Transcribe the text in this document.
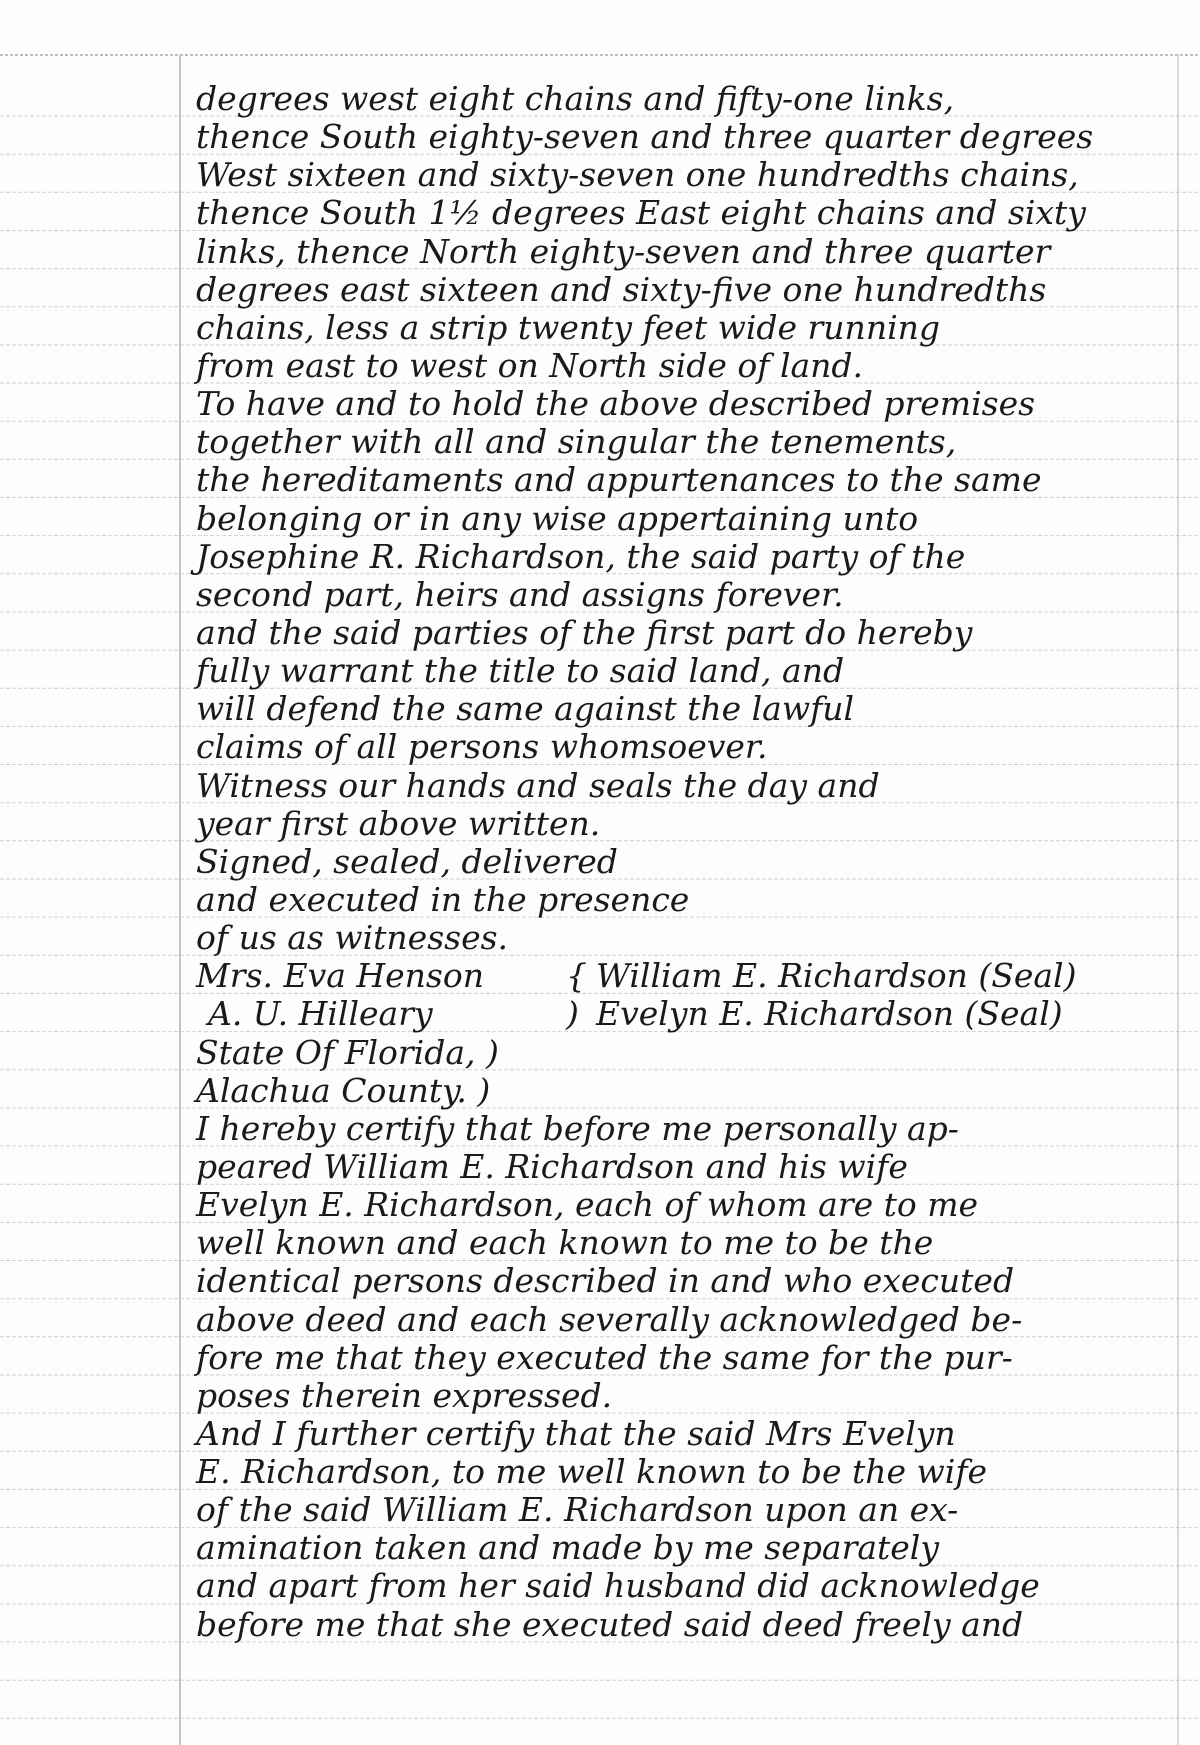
degrees west eight chains and fifty-one links,
thence South eighty-seven and three quarter degrees
West sixteen and sixty-seven one hundredths chains,
thence South 1½ degrees East eight chains and sixty
links, thence North eighty-seven and three quarter
degrees east sixteen and sixty-five one hundredths
chains, less a strip twenty feet wide running
from east to west on North side of land.
To have and to hold the above described premises
together with all and singular the tenements,
the hereditaments and appurtenances to the same
belonging or in any wise appertaining unto
Josephine R. Richardson, the said party of the
second part, heirs and assigns forever.
and the said parties of the first part do hereby
fully warrant the title to said land, and
will defend the same against the lawful
claims of all persons whomsoever.
Witness our hands and seals the day and
year first above written.
Signed, sealed, delivered
and executed in the presence
of us as witnesses.
Mrs. Eva Henson { William E. Richardson (Seal)
A. U. Hilleary	) Evelyn E. Richardson (Seal)
State Of Florida, )
Alachua County. )
I hereby certify that before me personally ap-
peared William E. Richardson and his wife
Evelyn E. Richardson, each of whom are to me
well known and each known to me to be the
identical persons described in and who executed
above deed and each severally acknowledged be-
fore me that they executed the same for the pur-
poses therein expressed.
And I further certify that the said Mrs Evelyn
E. Richardson, to me well known to be the wife
of the said William E. Richardson upon an ex-
amination taken and made by me separately
and apart from her said husband did acknowledge
before me that she executed said deed freely and
